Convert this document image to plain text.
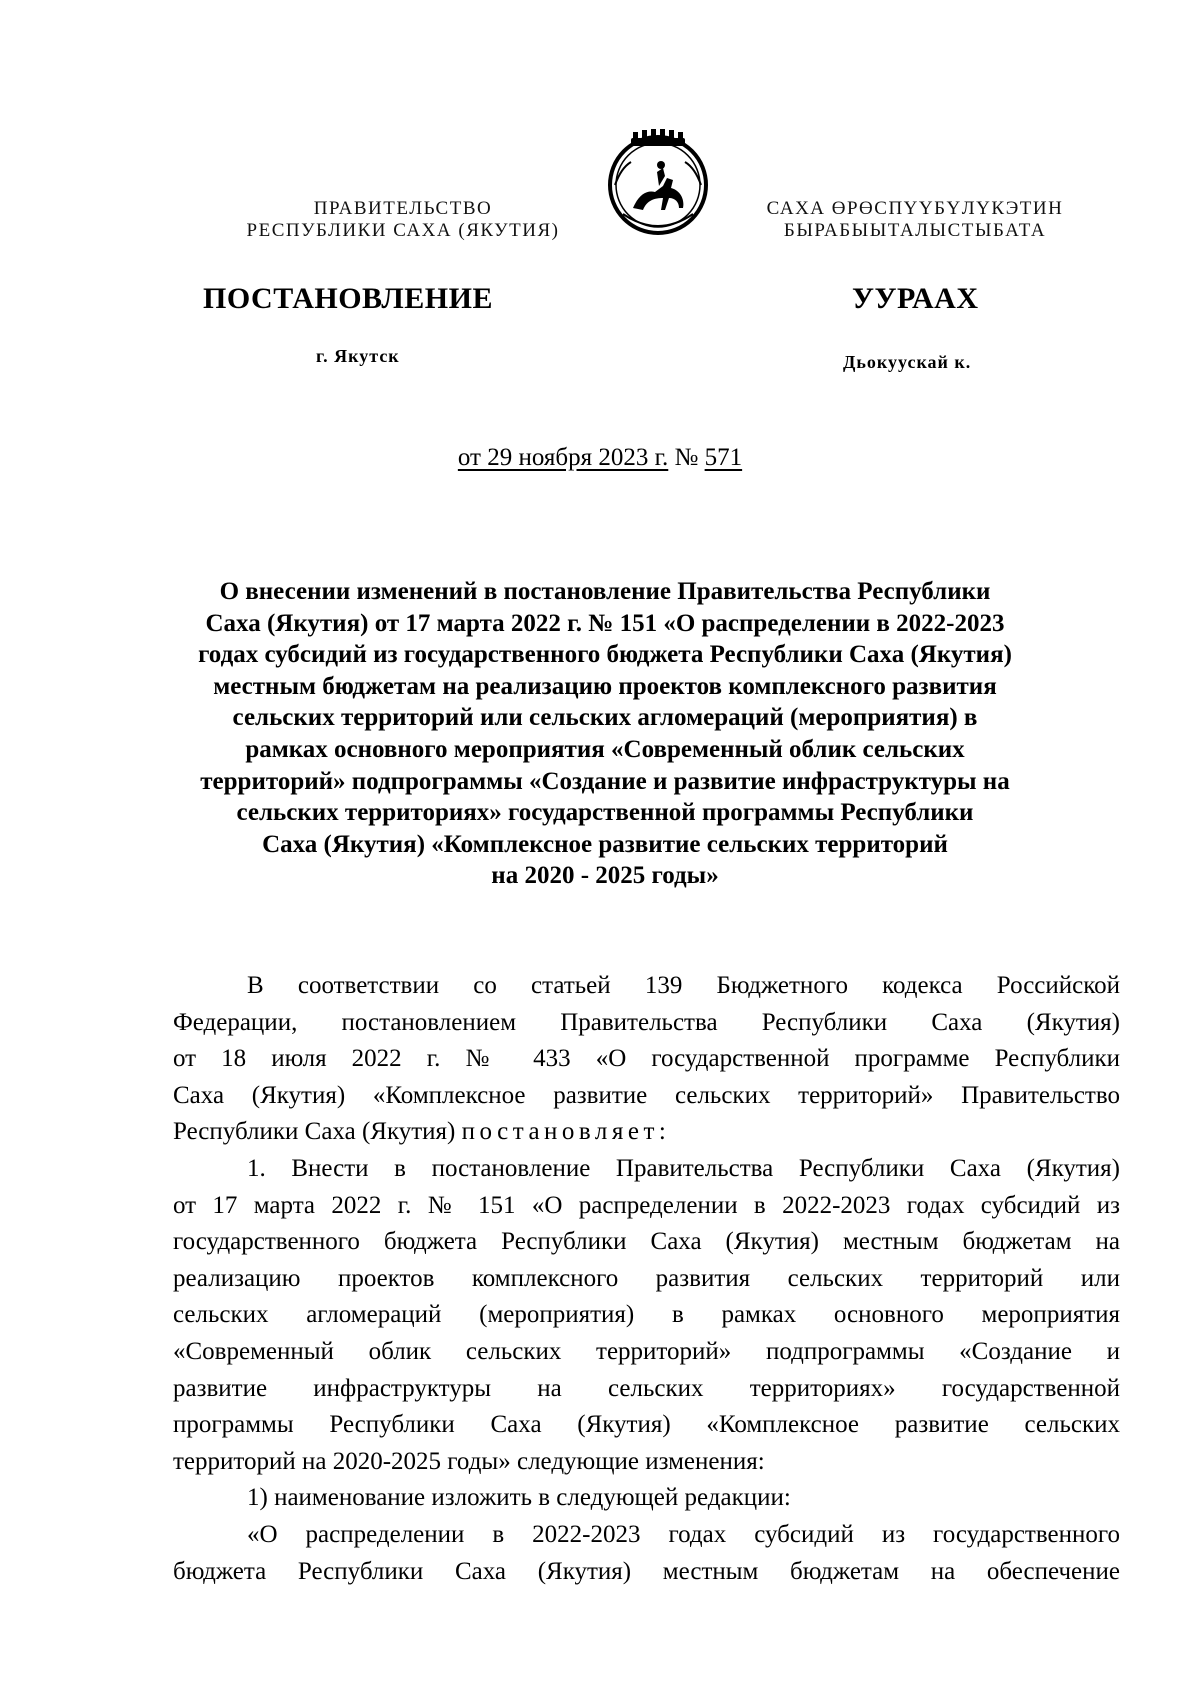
ПРАВИТЕЛЬСТВО
РЕСПУБЛИКИ САХА (ЯКУТИЯ)
САХА ӨРӨСПҮҮБҮЛҮКЭТИН
БЫРАБЫЫТАЛЫСТЫБАТА
ПОСТАНОВЛЕНИЕ	УУРААХ
г. Якутск	Дьокуускай к.
от 29 ноября 2023 г. № 571
О внесении изменений в постановление Правительства Республики
Саха (Якутия) от 17 марта 2022 г. № 151 «О распределении в 2022-2023
годах субсидий из государственного бюджета Республики Саха (Якутия)
местным бюджетам на реализацию проектов комплексного развития
сельских территорий или сельских агломераций (мероприятия) в
рамках основного мероприятия «Современный облик сельских
территорий» подпрограммы «Создание и развитие инфраструктуры на
сельских территориях» государственной программы Республики
Саха (Якутия) «Комплексное развитие сельских территорий
на 2020 - 2025 годы»
В соответствии со статьей 139 Бюджетного кодекса Российской
Федерации, постановлением Правительства Республики Саха (Якутия)
от 18 июля 2022 г. № 433 «О государственной программе Республики
Саха (Якутия) «Комплексное развитие сельских территорий» Правительство
Республики Саха (Якутия) постановляет:
1. Внести в постановление Правительства Республики Саха (Якутия)
от 17 марта 2022 г. № 151 «О распределении в 2022-2023 годах субсидий из
государственного бюджета Республики Саха (Якутия) местным бюджетам на
реализацию проектов комплексного развития сельских территорий или
сельских агломераций (мероприятия) в рамках основного мероприятия
«Современный облик сельских территорий» подпрограммы «Создание и
развитие инфраструктуры на сельских территориях» государственной
программы Республики Саха (Якутия) «Комплексное развитие сельских
территорий на 2020-2025 годы» следующие изменения:
1) наименование изложить в следующей редакции:
«О распределении в 2022-2023 годах субсидий из государственного
бюджета Республики Саха (Якутия) местным бюджетам на обеспечение
